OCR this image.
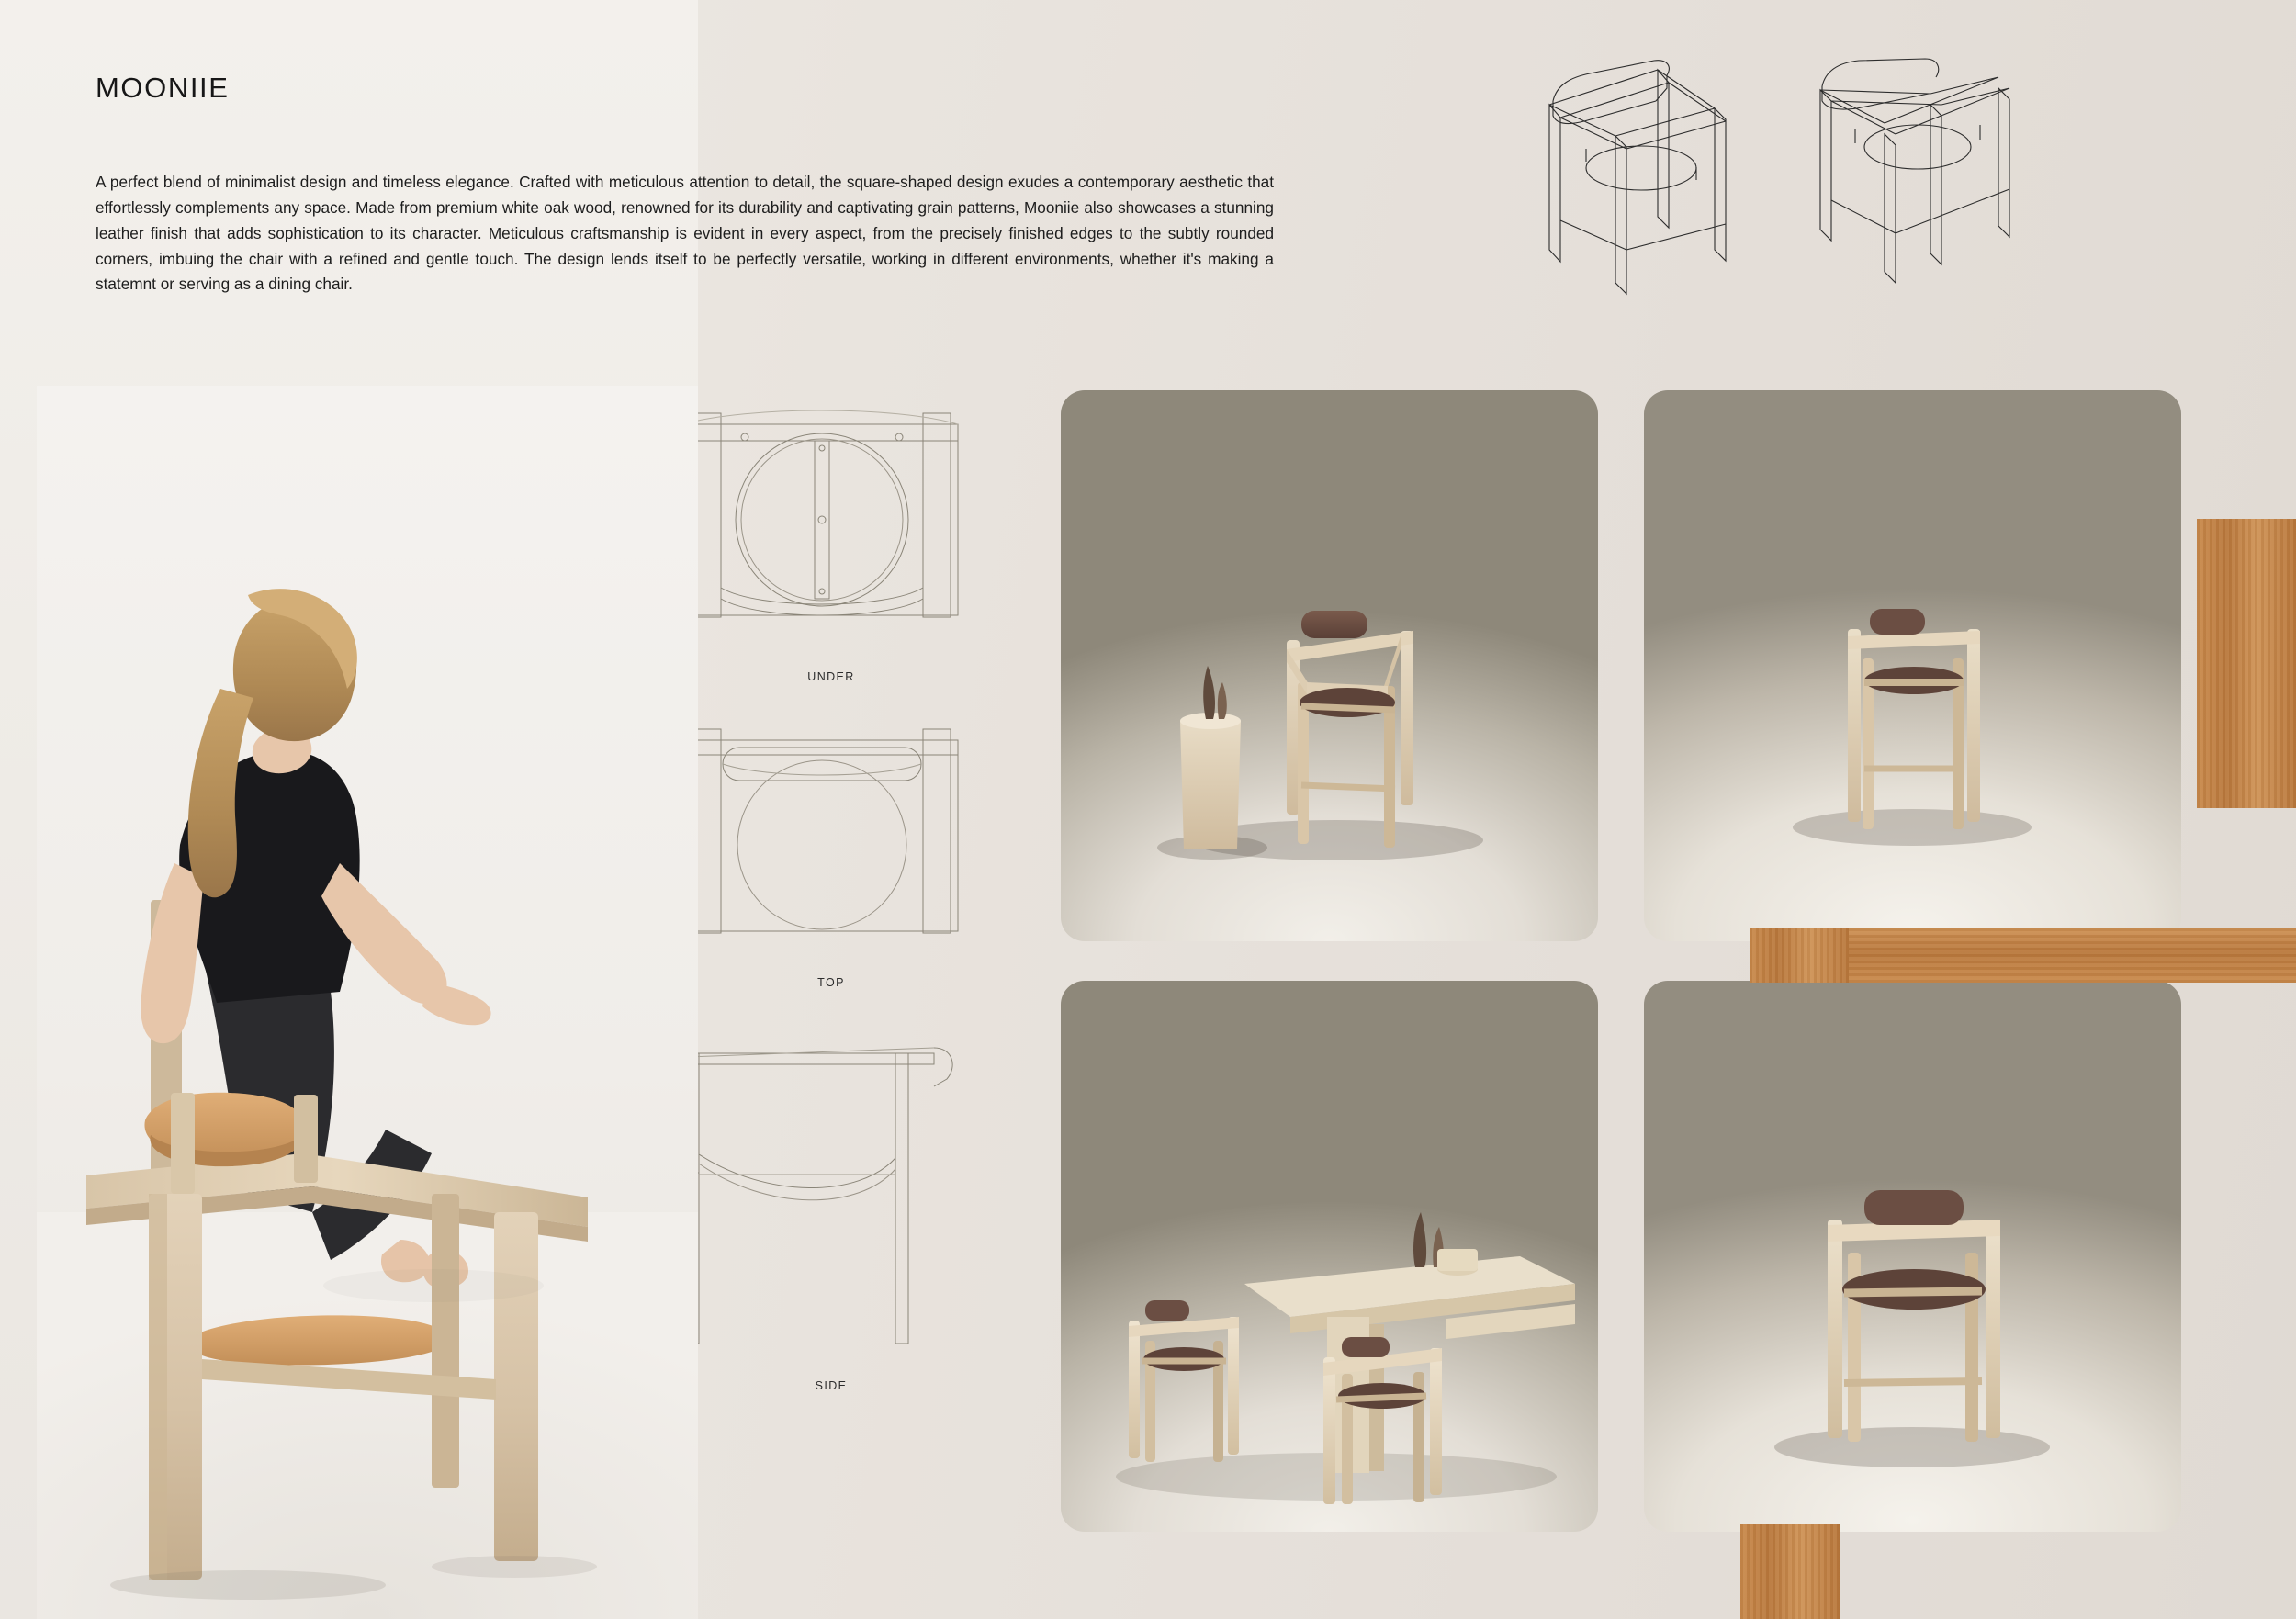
MOONIIE
A perfect blend of minimalist design and timeless elegance. Crafted with meticulous attention to detail, the square-shaped design exudes a contemporary aesthetic that effortlessly complements any space. Made from premium white oak wood, renowned for its durability and captivating grain patterns, Mooniie also showcases a stunning leather finish that adds sophistication to its character. Meticulous craftsmanship is evident in every aspect, from the precisely finished edges to the subtly rounded corners, imbuing the chair with a refined and gentle touch. The design lends itself to be perfectly versatile, working in different environments, whether it's making a statemnt or serving as a dining chair.
UNDER
TOP
SIDE
